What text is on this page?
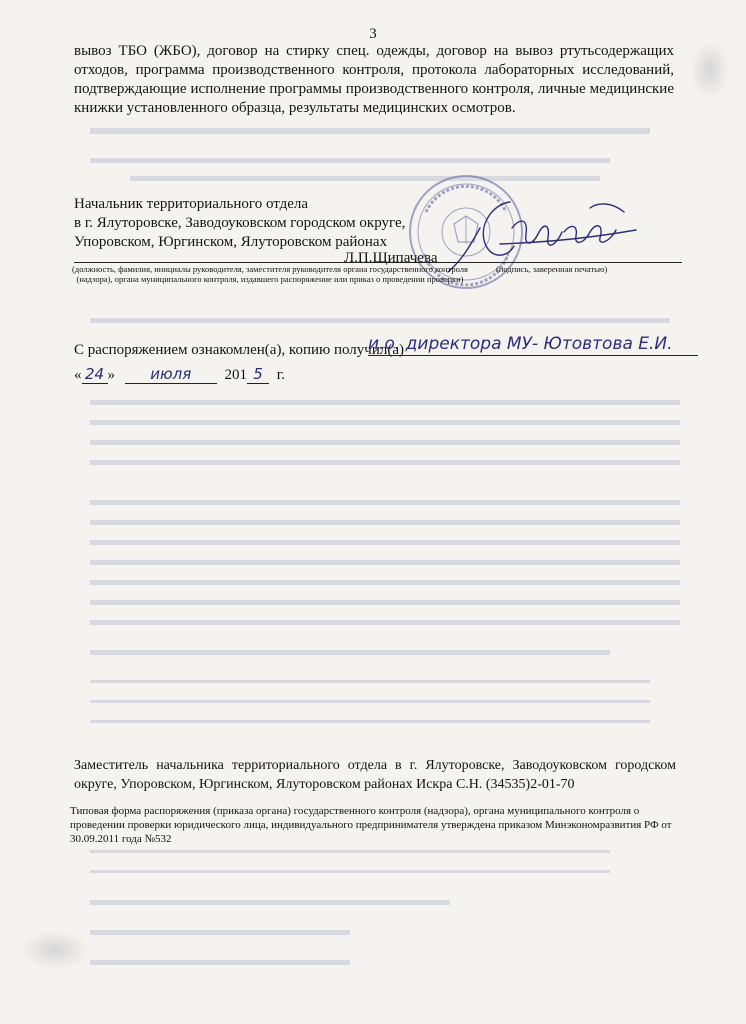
3
вывоз ТБО (ЖБО), договор на стирку спец. одежды, договор на вывоз ртутьсодержащих отходов, программа производственного контроля, протокола лабораторных исследований, подтверждающие исполнение программы производственного контроля, личные медицинские книжки установленного образца, результаты медицинских осмотров.
Начальник территориального отдела
в г. Ялуторовске, Заводоуковском городском округе,
Упоровском, Юргинском, Ялуторовском районах
Л.П.Щипачева
(должность, фамилия, инициалы руководителя, заместителя руководителя органа государственного контроля (надзора), органа муниципального контроля, издавшего распоряжение или приказ о проведении проверки)
(подпись, заверенная печатью)
С распоряжением ознакомлен(а), копию получил(а)
и.о. директора МУ- Ютовтова Е.И.
« 24 » июля 201 5 г.
Заместитель начальника территориального отдела в г. Ялуторовске, Заводоуковском городском округе, Упоровском, Юргинском, Ялуторовском районах Искра С.Н. (34535)2-01-70
Типовая форма распоряжения (приказа органа) государственного контроля (надзора), органа муниципального контроля о проведении проверки юридического лица, индивидуального предпринимателя утверждена приказом Минэкономразвития РФ от 30.09.2011 года №532
